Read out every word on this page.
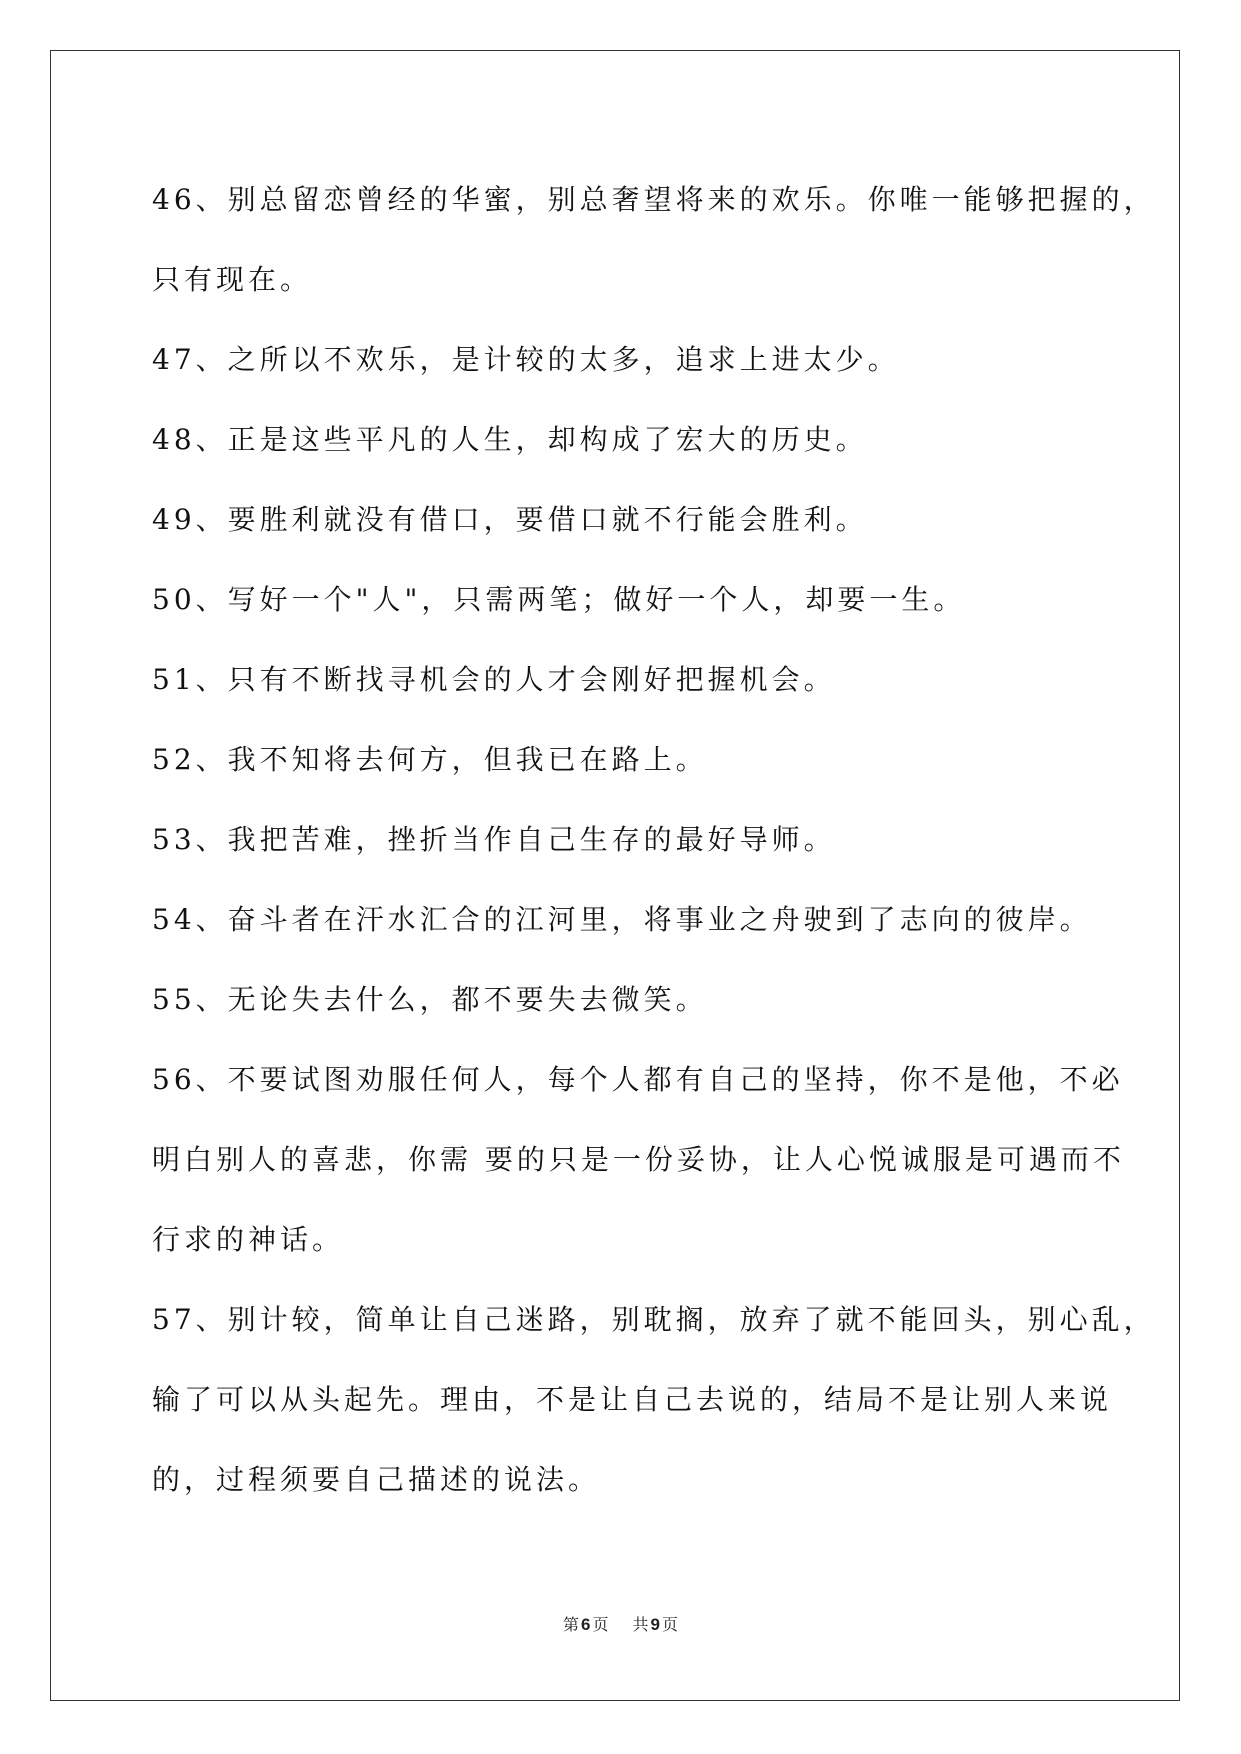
46、别总留恋曾经的华蜜，别总奢望将来的欢乐。你唯一能够把握的，

只有现在。

47、之所以不欢乐，是计较的太多，追求上进太少。

48、正是这些平凡的人生，却构成了宏大的历史。

49、要胜利就没有借口，要借口就不行能会胜利。

50、写好一个"人"，只需两笔；做好一个人，却要一生。

51、只有不断找寻机会的人才会刚好把握机会。

52、我不知将去何方，但我已在路上。

53、我把苦难，挫折当作自己生存的最好导师。

54、奋斗者在汗水汇合的江河里，将事业之舟驶到了志向的彼岸。

55、无论失去什么，都不要失去微笑。

56、不要试图劝服任何人，每个人都有自己的坚持，你不是他，不必

明白别人的喜悲，你需 要的只是一份妥协，让人心悦诚服是可遇而不

行求的神话。

57、别计较，简单让自己迷路，别耽搁，放弃了就不能回头，别心乱，

输了可以从头起先。理由，不是让自己去说的，结局不是让别人来说

的，过程须要自己描述的说法。

第 6 页 共 9 页
